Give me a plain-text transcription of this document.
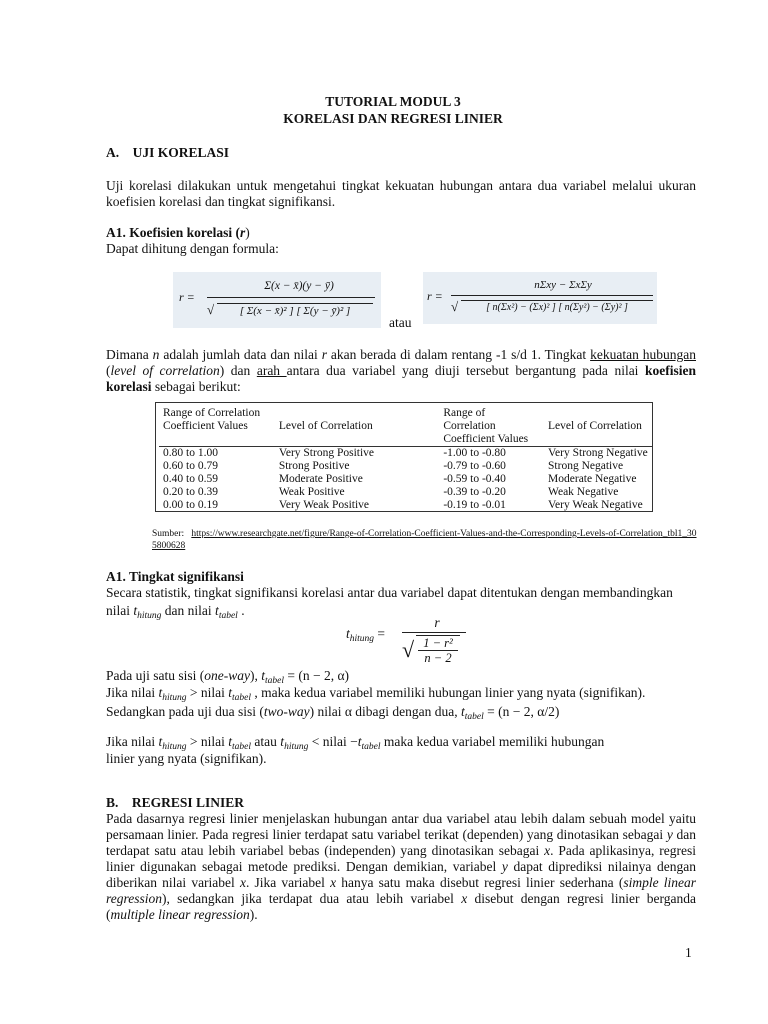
TUTORIAL MODUL 3
KORELASI DAN REGRESI LINIER
A.    UJI KORELASI
Uji korelasi dilakukan untuk mengetahui tingkat kekuatan hubungan antara dua variabel melalui ukuran koefisien korelasi dan tingkat signifikansi.
A1. Koefisien korelasi (r)
Dapat dihitung dengan formula:
r =
Σ(x − x̄)(y − ȳ)
√	[ Σ(x − x̄)² ] [ Σ(y − ȳ)² ]
atau
r =
nΣxy − ΣxΣy
√	[ n(Σx²) − (Σx)² ] [ n(Σy²) − (Σy)² ]
Dimana n adalah jumlah data dan nilai r akan berada di dalam rentang -1 s/d 1. Tingkat kekuatan hubungan (level of correlation) dan arah antara dua variabel yang diuji tersebut bergantung pada nilai koefisien korelasi sebagai berikut:
Range of Correlation Coefficient Values	Level of Correlation	Range of Correlation Coefficient Values	Level of Correlation
0.80 to 1.00	Very Strong Positive	-1.00 to -0.80	Very Strong Negative
0.60 to 0.79	Strong Positive	-0.79 to -0.60	Strong Negative
0.40 to 0.59	Moderate Positive	-0.59 to -0.40	Moderate Negative
0.20 to 0.39	Weak Positive	-0.39 to -0.20	Weak Negative
0.00 to 0.19	Very Weak Positive	-0.19 to -0.01	Very Weak Negative
Sumber: https://www.researchgate.net/figure/Range-of-Correlation-Coefficient-Values-and-the-Corresponding-Levels-of-Correlation_tbl1_305800628
A1. Tingkat signifikansi
Secara statistik, tingkat signifikansi korelasi antar dua variabel dapat ditentukan dengan membandingkan
nilai $t_{hitung}$ dan nilai $t_{tabel}$ .
$t_{hitung}$ =
r
√ 1 − r²
n − 2
Pada uji satu sisi (one-way), $t_{tabel} = (n - 2$, α)
Jika nilai $t_{hitung}$ > nilai $t_{tabel}$ , maka kedua variabel memiliki hubungan linier yang nyata (signifikan).
Sedangkan pada uji dua sisi (two-way) nilai α dibagi dengan dua, $t_{tabel} = (n - 2$, α/2)
Jika nilai $t_{hitung}$ > nilai $t_{tabel}$ atau $t_{hitung}$ < nilai $-t_{tabel}$ maka kedua variabel memiliki hubungan
linier yang nyata (signifikan).
B.    REGRESI LINIER
Pada dasarnya regresi linier menjelaskan hubungan antar dua variabel atau lebih dalam sebuah model yaitu persamaan linier. Pada regresi linier terdapat satu variabel terikat (dependen) yang dinotasikan sebagai y dan terdapat satu atau lebih variabel bebas (independen) yang dinotasikan sebagai x. Pada aplikasinya, regresi linier digunakan sebagai metode prediksi. Dengan demikian, variabel y dapat diprediksi nilainya dengan diberikan nilai variabel x. Jika variabel x hanya satu maka disebut regresi linier sederhana (simple linear regression), sedangkan jika terdapat dua atau lebih variabel x disebut dengan regresi linier berganda (multiple linear regression).
1
